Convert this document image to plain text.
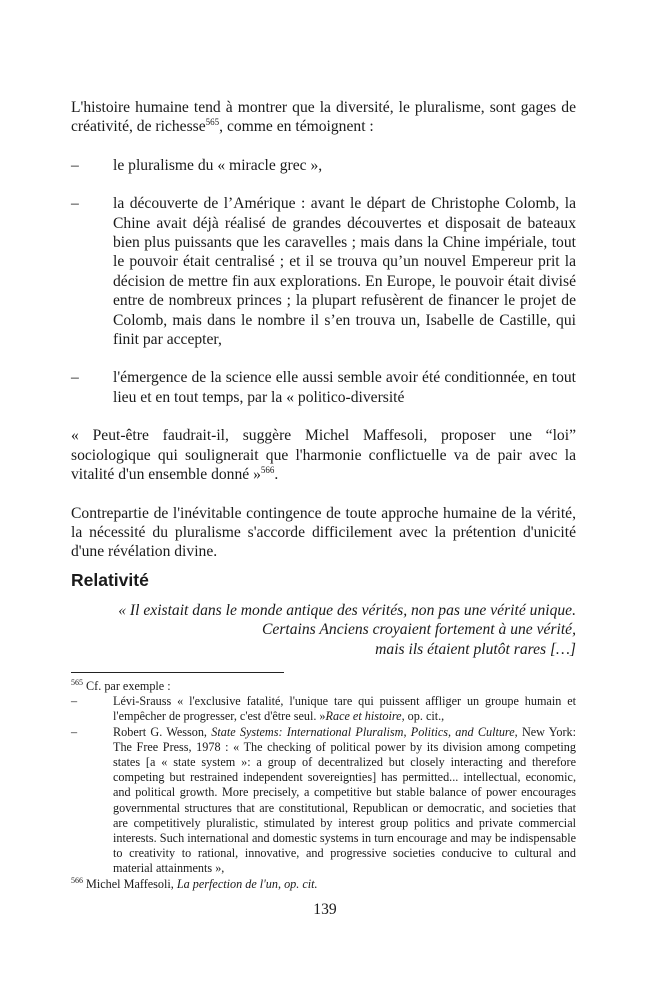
L'histoire humaine tend à montrer que la diversité, le pluralisme, sont gages de créativité, de richesse$^{565}$, comme en témoignent :

– le pluralisme du « miracle grec »,

– la découverte de l’Amérique : avant le départ de Christophe Colomb, la Chine avait déjà réalisé de grandes découvertes et disposait de bateaux bien plus puissants que les caravelles ; mais dans la Chine impériale, tout le pouvoir était centralisé ; et il se trouva qu’un nouvel Empereur prit la décision de mettre fin aux explorations. En Europe, le pouvoir était divisé entre de nombreux princes ; la plupart refusèrent de financer le projet de Colomb, mais dans le nombre il s’en trouva un, Isabelle de Castille, qui finit par accepter,

– l'émergence de la science elle aussi semble avoir été conditionnée, en tout lieu et en tout temps, par la « politico-diversité

« Peut-être faudrait-il, suggère Michel Maffesoli, proposer une “loi” sociologique qui soulignerait que l'harmonie conflictuelle va de pair avec la vitalité d'un ensemble donné »$^{566}$.

Contrepartie de l'inévitable contingence de toute approche humaine de la vérité, la nécessité du pluralisme s'accorde difficilement avec la prétention d'unicité d'une révélation divine.

Relativité

« Il existait dans le monde antique des vérités, non pas une vérité unique.

Certains Anciens croyaient fortement à une vérité,

mais ils étaient plutôt rares […]

$^{565}$ Cf. par exemple :

–	Lévi-Srauss « l'exclusive fatalité, l'unique tare qui puissent affliger un groupe humain et l'empêcher de progresser, c'est d'être seul. »Race et histoire, op. cit.,

–	Robert G. Wesson, State Systems: International Pluralism, Politics, and Culture, New York: The Free Press, 1978 : « The checking of political power by its division among competing states [a « state system »: a group of decentralized but closely interacting and therefore competing but restrained independent sovereignties] has permitted... intellectual, economic, and political growth. More precisely, a competitive but stable balance of power encourages governmental structures that are constitutional, Republican or democratic, and societies that are competitively pluralistic, stimulated by interest group politics and private commercial interests. Such international and domestic systems in turn encourage and may be indispensable to creativity to rational, innovative, and progressive societies conducive to cultural and material attainments »,

$^{566}$ Michel Maffesoli, La perfection de l'un, op. cit.

139
